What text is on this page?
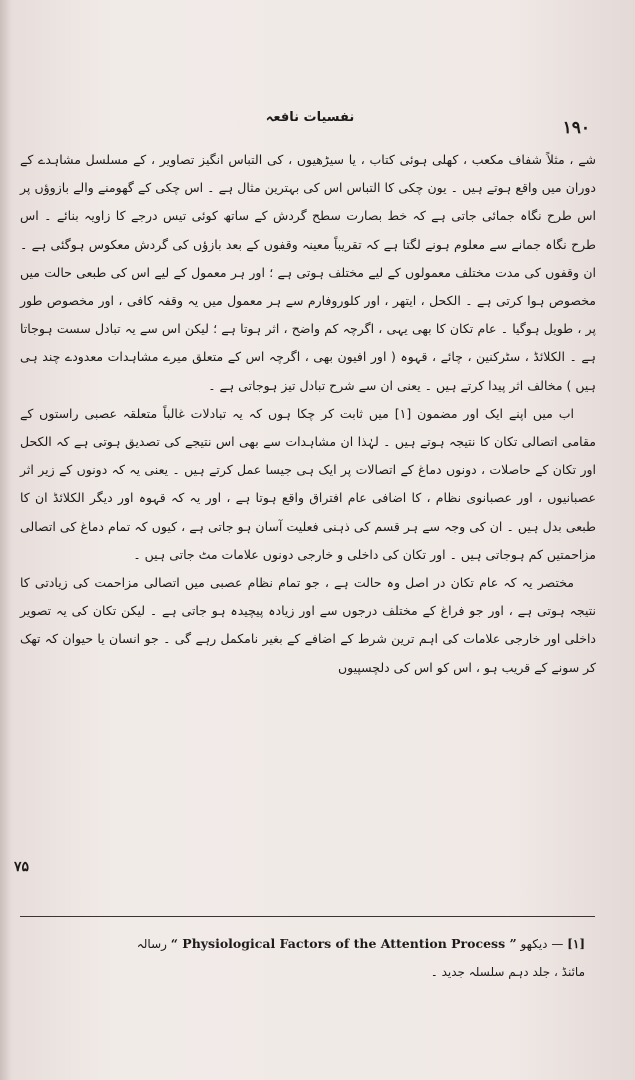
نفسيات نافعہ
۱۹۰

شے ، مثلاً شفاف مکعب ، کھلی ہوئی کتاب ، یا سیڑھیوں ، کی التباس انگیز تصاویر ، کے مسلسل مشاہدے کے دوران میں واقع ہوتے ہیں ۔ یون چکی کا التباس اس کی بہترین مثال ہے ۔ اس چکی کے گھومنے والے بازوؤں پر اس طرح نگاہ جمائی جاتی ہے کہ خط بصارت سطح گردش کے ساتھ کوئی تیس درجے کا زاویہ بنائے ۔ اس طرح نگاہ جمانے سے معلوم ہونے لگتا ہے کہ تقریباً معینہ وقفوں کے بعد بازؤں کی گردش معکوس ہوگئی ہے ۔ ان وقفوں کی مدت مختلف معمولوں کے لیے مختلف ہوتی ہے ؛ اور ہر معمول کے لیے اس کی طبعی حالت میں مخصوص ہوا کرتی ہے ۔ الکحل ، ایتھر ، اور کلوروفارم سے ہر معمول میں یہ وقفہ کافی ، اور مخصوص طور پر ، طویل ہوگیا ۔ عام تکان کا بھی یہی ، اگرچہ کم واضح ، اثر ہوتا ہے ؛ لیکن اس سے یہ تبادل سست ہوجاتا ہے ۔ الکلائڈ ، سٹرکنین ، چائے ، قہوہ ( اور افیون بھی ، اگرچہ اس کے متعلق میرے مشاہدات معدودے چند ہی ہیں ) مخالف اثر پیدا کرتے ہیں ۔ یعنی ان سے شرح تبادل تیز ہوجاتی ہے ۔

اب میں اپنے ایک اور مضمون [۱] میں ثابت کر چکا ہوں کہ یہ تبادلات غالباً متعلقہ عصبی راستوں کے مقامی اتصالی تکان کا نتیجہ ہوتے ہیں ۔ لہٰذا ان مشاہدات سے بھی اس نتیجے کی تصدیق ہوتی ہے کہ الکحل اور تکان کے حاصلات ، دونوں دماغ کے اتصالات پر ایک ہی جیسا عمل کرتے ہیں ۔ یعنی یہ کہ دونوں کے زیر اثر عصبانیوں ، اور عصبانوی نظام ، کا اضافی عام افتراق واقع ہوتا ہے ، اور یہ کہ قہوہ اور دیگر الکلائڈ ان کا طبعی بدل ہیں ۔ ان کی وجہ سے ہر قسم کی ذہنی فعلیت آسان ہو جاتی ہے ، کیوں کہ تمام دماغ کی اتصالی مزاحمتیں کم ہوجاتی ہیں ۔ اور تکان کی داخلی و خارجی دونوں علامات مٹ جاتی ہیں ۔

مختصر یہ کہ عام تکان در اصل وہ حالت ہے ، جو تمام نظام عصبی میں اتصالی مزاحمت کی زیادتی کا نتیجہ ہوتی ہے ، اور جو فراغ کے مختلف درجوں سے اور زیادہ پیچیدہ ہو جاتی ہے ۔ لیکن تکان کی یہ تصویر داخلی اور خارجی علامات کی اہم ترین شرط کے اضافے کے بغیر نامکمل رہے گی ۔ جو انسان یا حیوان کہ تھک کر سونے کے قریب ہو ، اس کو اس کی دلچسپیوں

۷۵

[۱] — دیکھو “ Physiological Factors of the Attention Process ” رسالہ

مائنڈ ، جلد دہم سلسلہ جدید ۔
